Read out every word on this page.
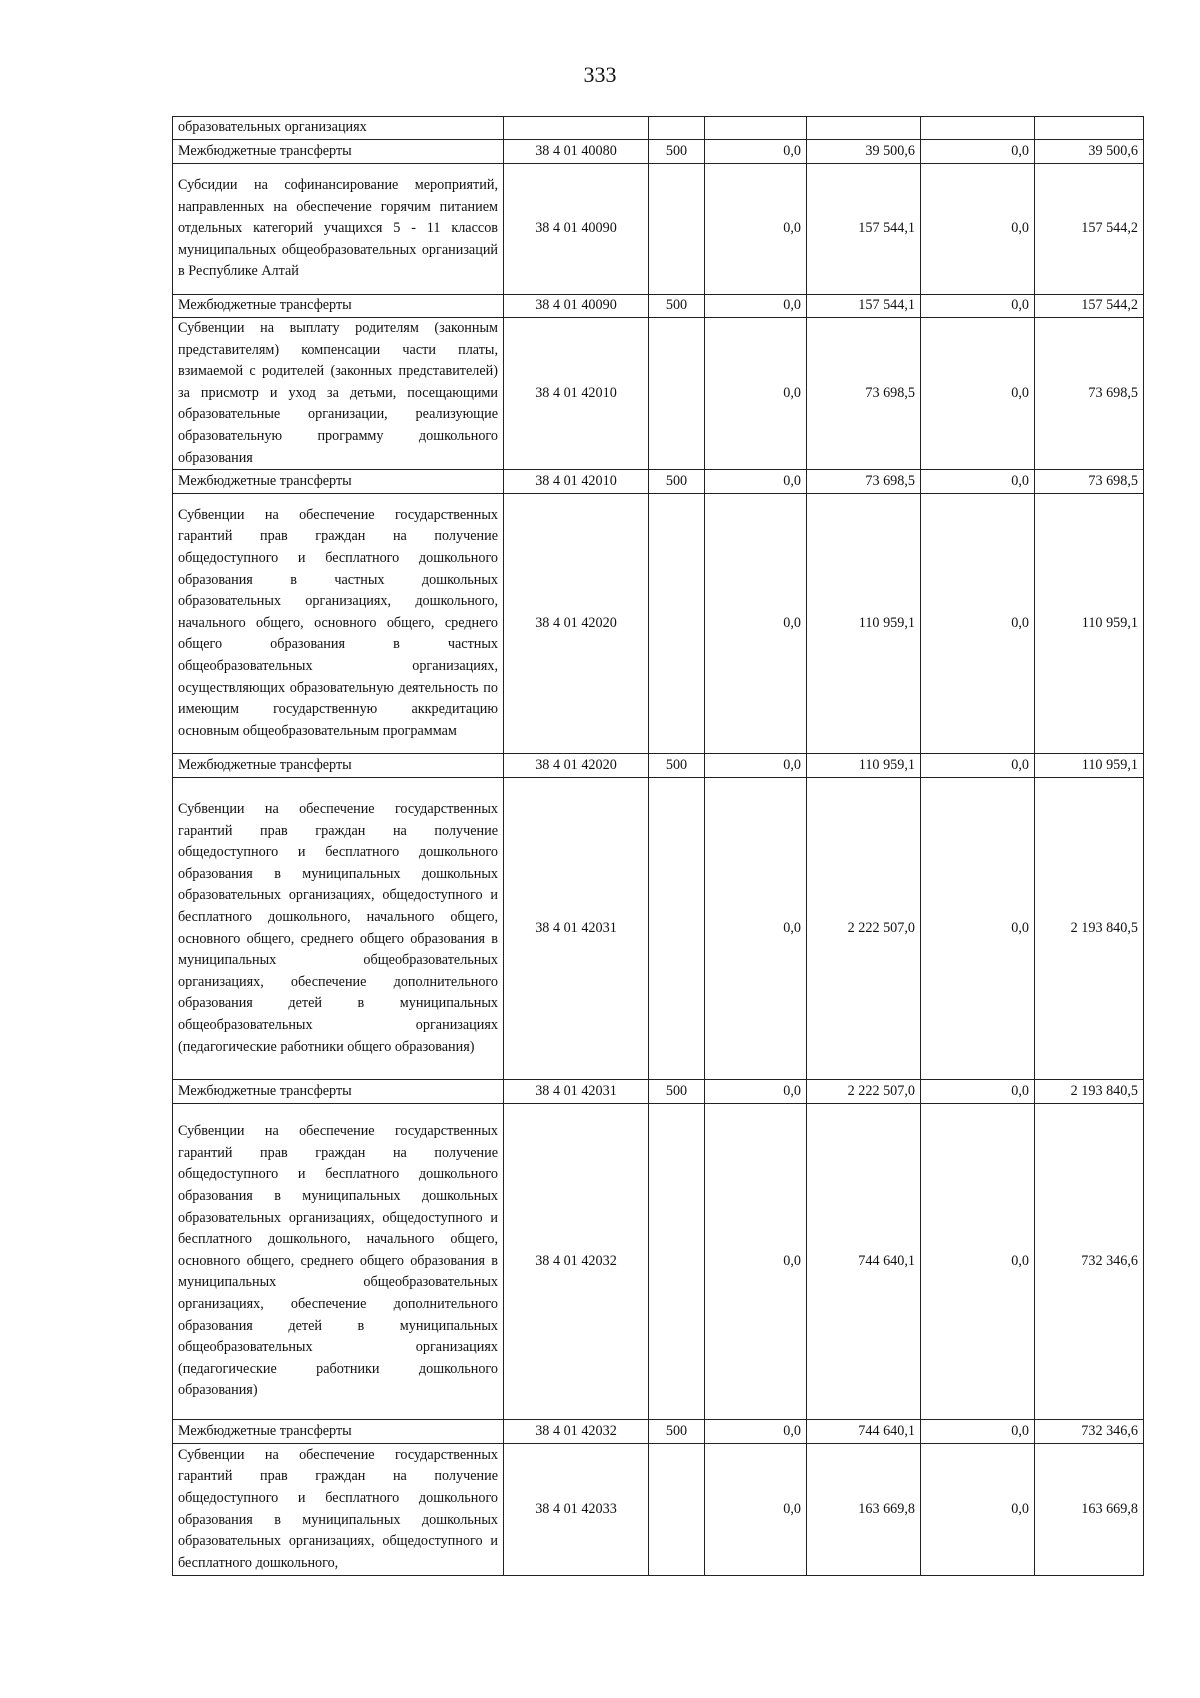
333
образовательных организациях						
Межбюджетные трансферты	38 4 01 40080	500	0,0	39 500,6	0,0	39 500,6
Субсидии на софинансирование мероприятий, направленных на обеспечение горячим питанием отдельных категорий учащихся 5 - 11 классов муниципальных общеобразовательных организаций в Республике Алтай	38 4 01 40090		0,0	157 544,1	0,0	157 544,2
Межбюджетные трансферты	38 4 01 40090	500	0,0	157 544,1	0,0	157 544,2
Субвенции на выплату родителям (законным представителям) компенсации части платы, взимаемой с родителей (законных представителей) за присмотр и уход за детьми, посещающими образовательные организации, реализующие образовательную программу дошкольного образования	38 4 01 42010		0,0	73 698,5	0,0	73 698,5
Межбюджетные трансферты	38 4 01 42010	500	0,0	73 698,5	0,0	73 698,5
Субвенции на обеспечение государственных гарантий прав граждан на получение общедоступного и бесплатного дошкольного образования в частных дошкольных образовательных организациях, дошкольного, начального общего, основного общего, среднего общего образования в частных общеобразовательных организациях, осуществляющих образовательную деятельность по имеющим государственную аккредитацию основным общеобразовательным программам	38 4 01 42020		0,0	110 959,1	0,0	110 959,1
Межбюджетные трансферты	38 4 01 42020	500	0,0	110 959,1	0,0	110 959,1
Субвенции на обеспечение государственных гарантий прав граждан на получение общедоступного и бесплатного дошкольного образования в муниципальных дошкольных образовательных организациях, общедоступного и бесплатного дошкольного, начального общего, основного общего, среднего общего образования в муниципальных общеобразовательных организациях, обеспечение дополнительного образования детей в муниципальных общеобразовательных организациях (педагогические работники общего образования)	38 4 01 42031		0,0	2 222 507,0	0,0	2 193 840,5
Межбюджетные трансферты	38 4 01 42031	500	0,0	2 222 507,0	0,0	2 193 840,5
Субвенции на обеспечение государственных гарантий прав граждан на получение общедоступного и бесплатного дошкольного образования в муниципальных дошкольных образовательных организациях, общедоступного и бесплатного дошкольного, начального общего, основного общего, среднего общего образования в муниципальных общеобразовательных организациях, обеспечение дополнительного образования детей в муниципальных общеобразовательных организациях (педагогические работники дошкольного образования)	38 4 01 42032		0,0	744 640,1	0,0	732 346,6
Межбюджетные трансферты	38 4 01 42032	500	0,0	744 640,1	0,0	732 346,6
Субвенции на обеспечение государственных гарантий прав граждан на получение общедоступного и бесплатного дошкольного образования в муниципальных дошкольных образовательных организациях, общедоступного и бесплатного дошкольного,	38 4 01 42033		0,0	163 669,8	0,0	163 669,8
